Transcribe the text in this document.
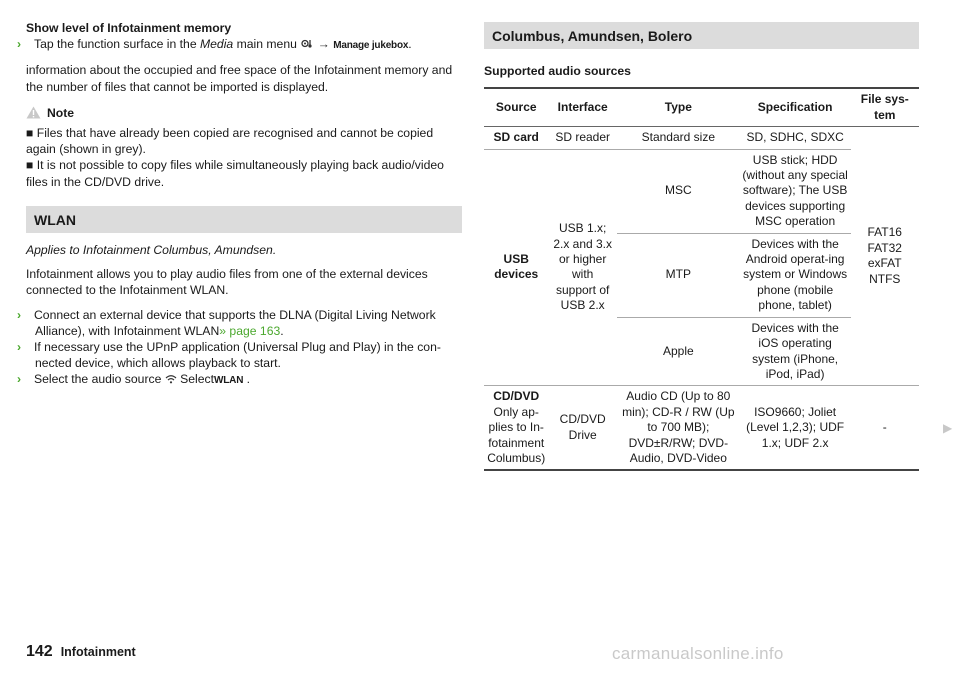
Show level of Infotainment memory

› Tap the function surface in the Media main menu  → Manage jukebox.

information about the occupied and free space of the Infotainment memory and the number of files that cannot be imported is displayed.

Note

■ Files that have already been copied are recognised and cannot be copied again (shown in grey).

■ It is not possible to copy files while simultaneously playing back audio/video files in the CD/DVD drive.

WLAN

Applies to Infotainment Columbus, Amundsen.

Infotainment allows you to play audio files from one of the external devices connected to the Infotainment WLAN.

› Connect an external device that supports the DLNA (Digital Living Network Alliance), with Infotainment WLAN» page 163.

› If necessary use the UPnP application (Universal Plug and Play) in the con-nected device, which allows playback to start.

› Select the audio source  SelectWLAN .

Columbus, Amundsen, Bolero

Supported audio sources

Source	Interface	Type	Specification	File sys-tem
SD card	SD reader	Standard size	SD, SDHC, SDXC	FAT16 FAT32 exFAT NTFS
USB devices	USB 1.x; 2.x and 3.x or higher with support of USB 2.x	MSC	USB stick; HDD (without any special software); The USB devices supporting MSC operation	
		MTP	Devices with the Android operat-ing system or Windows phone (mobile phone, tablet)	
		Apple	Devices with the iOS operating system (iPhone, iPod, iPad)	
CD/DVD
Only ap-plies to In-fotainment Columbus)	CD/DVD Drive	Audio CD (Up to 80 min); CD-R / RW (Up to 700 MB); DVD±R/RW; DVD-Audio, DVD-Video	ISO9660; Joliet (Level 1,2,3); UDF 1.x; UDF 2.x	-	▶
142 Infotainment	carmanualsonline.info
